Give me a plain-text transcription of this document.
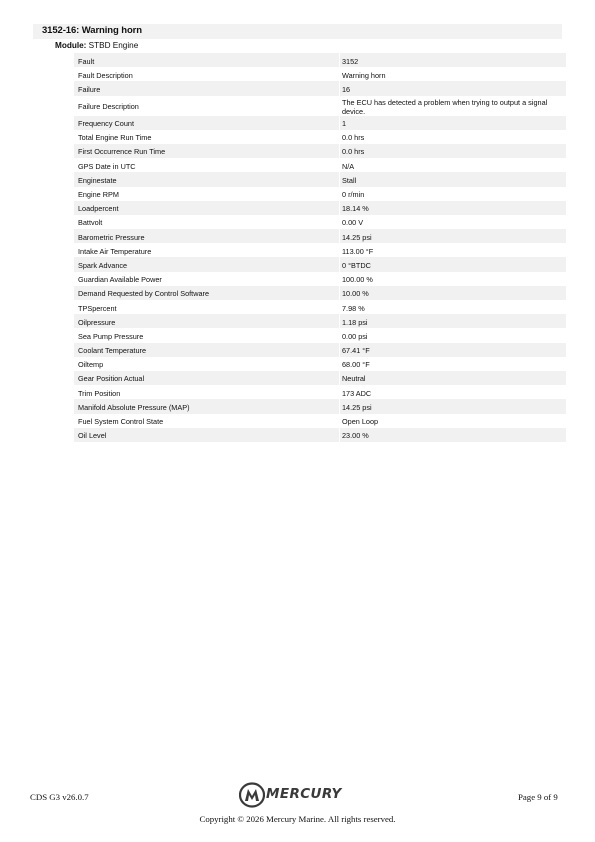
3152-16: Warning horn
Module: STBD Engine
Fault	3152
Fault Description	Warning horn
Failure	16
Failure Description	The ECU has detected a problem when trying to output a signal device.
Frequency Count	1
Total Engine Run Time	0.0 hrs
First Occurrence Run Time	0.0 hrs
GPS Date in UTC	N/A
Enginestate	Stall
Engine RPM	0 r/min
Loadpercent	18.14 %
Battvolt	0.00 V
Barometric Pressure	14.25 psi
Intake Air Temperature	113.00 °F
Spark Advance	0 °BTDC
Guardian Available Power	100.00 %
Demand Requested by Control Software	10.00 %
TPSpercent	7.98 %
Oilpressure	1.18 psi
Sea Pump Pressure	0.00 psi
Coolant Temperature	67.41 °F
Oiltemp	68.00 °F
Gear Position Actual	Neutral
Trim Position	173 ADC
Manifold Absolute Pressure (MAP)	14.25 psi
Fuel System Control State	Open Loop
Oil Level	23.00 %
CDS G3 v26.0.7	MERCURY	Page 9 of 9
Copyright © 2026 Mercury Marine. All rights reserved.
